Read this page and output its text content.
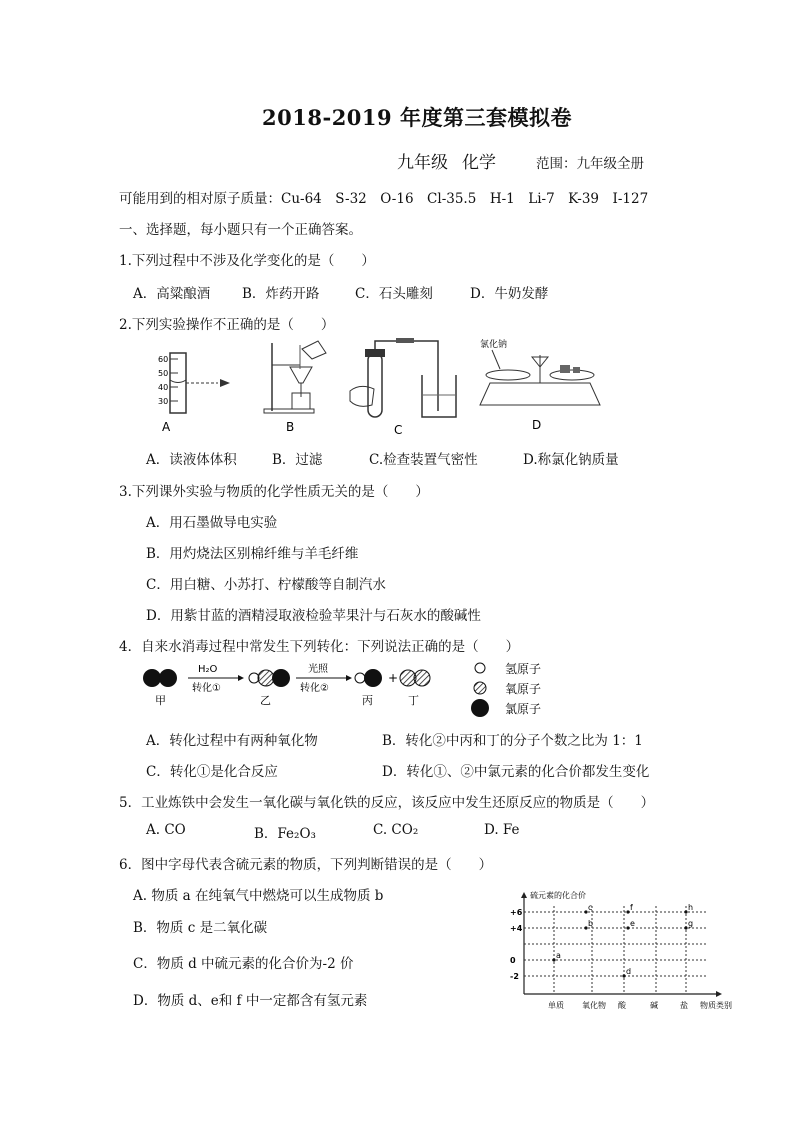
2018-2019 年度第三套模拟卷
九年级 化学	范围：九年级全册
可能用到的相对原子质量：Cu-64　S-32　O-16　Cl-35.5　H-1　Li-7　K-39　I-127
一、选择题，每小题只有一个正确答案。
1.下列过程中不涉及化学变化的是（　　）
A．高粱酿酒 B．炸药开路	C．石头雕刻	D．牛奶发酵
2.下列实验操作不正确的是（　　）
60
50
40
30
A	B	C
氯化钠
D
A．读液体体积	B．过滤	C.检查装置气密性	D.称氯化钠质量
3.下列课外实验与物质的化学性质无关的是（　　）
A．用石墨做导电实验
B．用灼烧法区别棉纤维与羊毛纤维
C．用白糖、小苏打、柠檬酸等自制汽水
D．用紫甘蓝的酒精浸取液检验苹果汁与石灰水的酸碱性
4．自来水消毒过程中常发生下列转化：下列说法正确的是（　　）
甲
H₂O
转化①
乙
光照
转化②
丙
+
丁
氢原子
氧原子
氯原子
A．转化过程中有两种氧化物	B．转化②中丙和丁的分子个数之比为 1：1
C．转化①是化合反应	D．转化①、②中氯元素的化合价都发生变化
5．工业炼铁中会发生一氧化碳与氧化铁的反应，该反应中发生还原反应的物质是（　　）
A. CO	B．Fe₂O₃	C. CO₂	D. Fe
6．图中字母代表含硫元素的物质，下列判断错误的是（　　）
A. 物质 a 在纯氧气中燃烧可以生成物质 b
B．物质 c 是二氧化碳
C．物质 d 中硫元素的化合价为-2 价
D．物质 d、e和 f 中一定都含有氢元素
硫元素的化合价
物质类别
+6
+4
0
-2
单质 氧化物 酸	碱	盐
c
b
f
e
a
d
h
g
